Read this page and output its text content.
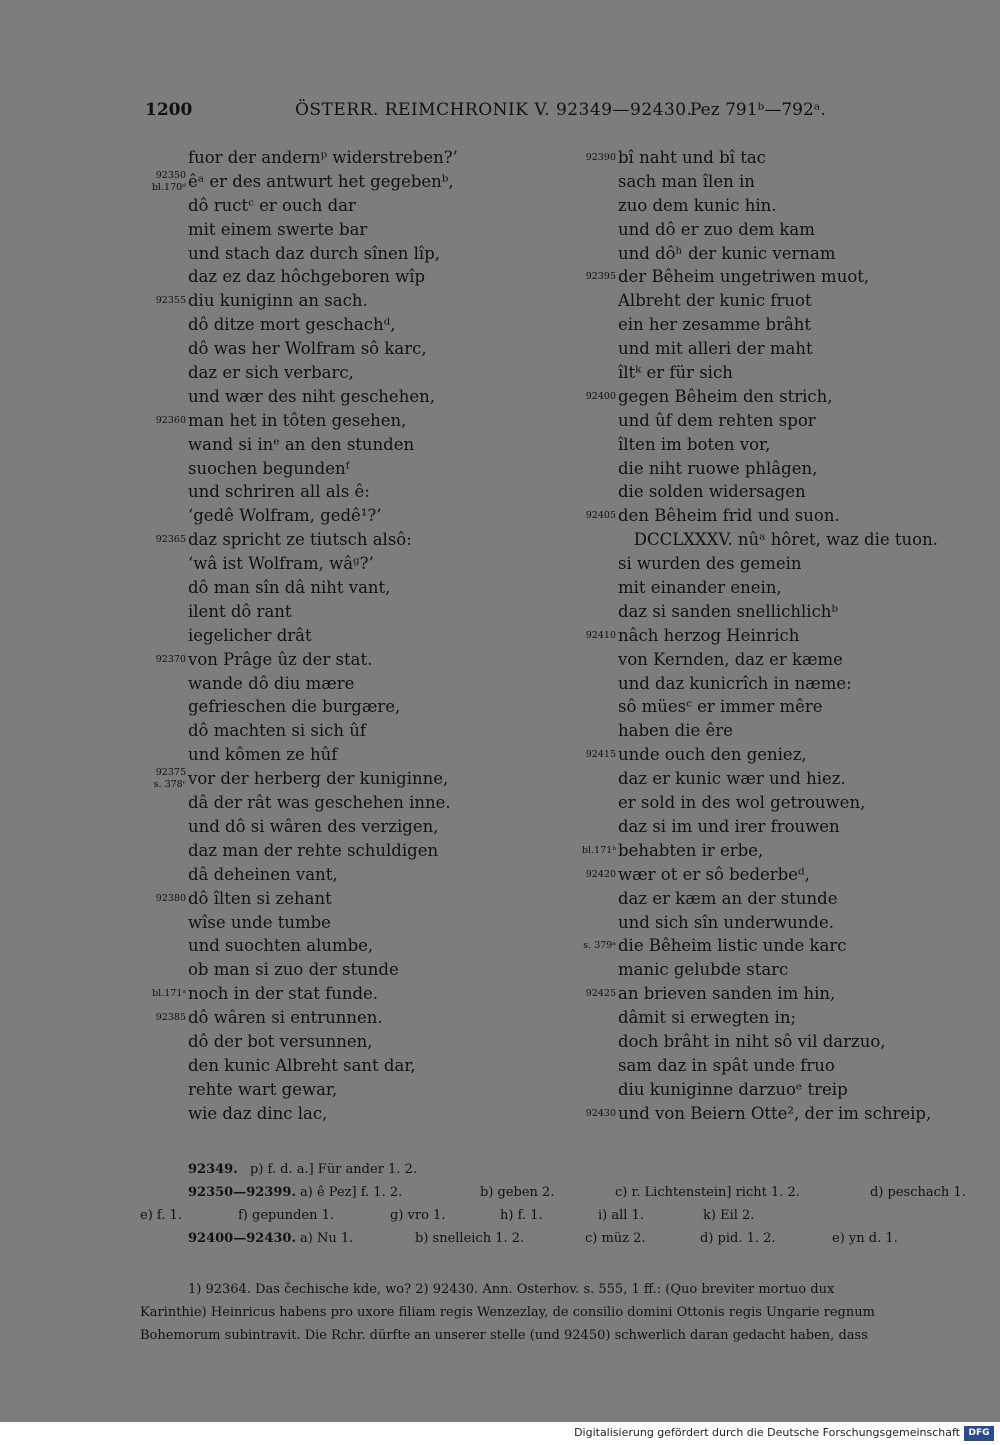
1200	ÖSTERR. REIMCHRONIK V. 92349—92430.
Pez 791ᵇ—792ᵃ.
fuor der andernᵖ widerstreben?’
92350
bl.170ᵈ êᵃ er des antwurt het gegebenᵇ,
dô ructᶜ er ouch dar
mit einem swerte bar
und stach daz durch sînen lîp,
daz ez daz hôchgeboren wîp
92355 diu kuniginn an sach.
dô ditze mort geschachᵈ,
dô was her Wolfram sô karc,
daz er sich verbarc,
und wær des niht geschehen,
92360 man het in tôten gesehen,
wand si inᵉ an den stunden
suochen begundenᶠ
und schriren all als ê:
‘gedê Wolfram, gedê¹?’
92365 daz spricht ze tiutsch alsô:
‘wâ ist Wolfram, wâᵍ?’
dô man sîn dâ niht vant,
ilent dô rant
iegelicher drât
92370 von Prâge ûz der stat.
wande dô diu mære
gefrieschen die burgære,
dô machten si sich ûf
und kômen ze hûf
92375
s. 378ᶜ vor der herberg der kuniginne,
dâ der rât was geschehen inne.
und dô si wâren des verzigen,
daz man der rehte schuldigen
dâ deheinen vant,
92380 dô îlten si zehant
wîse unde tumbe
und suochten alumbe,
ob man si zuo der stunde
bl.171ᵃ noch in der stat funde.
92385 dô wâren si entrunnen.
dô der bot versunnen,
den kunic Albreht sant dar,
rehte wart gewar,
wie daz dinc lac,
92390 bî naht und bî tac
sach man îlen in
zuo dem kunic hin.
und dô er zuo dem kam
und dôʰ der kunic vernam
92395 der Bêheim ungetriwen muot,
Albreht der kunic fruot
ein her zesamme brâht
und mit alleri der maht
îltᵏ er für sich
92400 gegen Bêheim den strich,
und ûf dem rehten spor
îlten im boten vor,
die niht ruowe phlâgen,
die solden widersagen
92405 den Bêheim frid und suon.
DCCLXXXV. nûᵃ hôret, waz die tuon.
si wurden des gemein
mit einander enein,
daz si sanden snellichlichᵇ
92410 nâch herzog Heinrich
von Kernden, daz er kæme
und daz kunicrîch in næme:
sô müesᶜ er immer mêre
haben die êre
92415 unde ouch den geniez,
daz er kunic wær und hiez.
er sold in des wol getrouwen,
daz si im und irer frouwen
bl.171ᵇ behabten ir erbe,
92420 wær ot er sô bederbeᵈ,
daz er kæm an der stunde
und sich sîn underwunde.
s. 379ᵃ die Bêheim listic unde karc
manic gelubde starc
92425 an brieven sanden im hin,
dâmit si erwegten in;
doch brâht in niht sô vil darzuo,
sam daz in spât unde fruo
diu kuniginne darzuoᵉ treip
92430 und von Beiern Otte², der im schreip,
92349. p) f. d. a.] Für ander 1. 2.
92350—92399. a) ê Pez] f. 1. 2.	b) geben 2.	c) r. Lichtenstein] richt 1. 2.	d) peschach 1.
e) f. 1.	f) gepunden 1.	g) vro 1.	h) f. 1.	i) all 1.	k) Eil 2.
92400—92430. a) Nu 1.	b) snelleich 1. 2.	c) müz 2.	d) pid. 1. 2.	e) yn d. 1.

1) 92364. Das čechische kde, wo? 2) 92430. Ann. Osterhov. s. 555, 1 ff.: (Quo breviter mortuo dux

Karinthie) Heinricus habens pro uxore filiam regis Wenzezlay, de consilio domini Ottonis regis Ungarie regnum

Bohemorum subintravit. Die Rchr. dürfte an unserer stelle (und 92450) schwerlich daran gedacht haben, dass

Digitalisierung gefördert durch die Deutsche Forschungsgemeinschaft DFG
